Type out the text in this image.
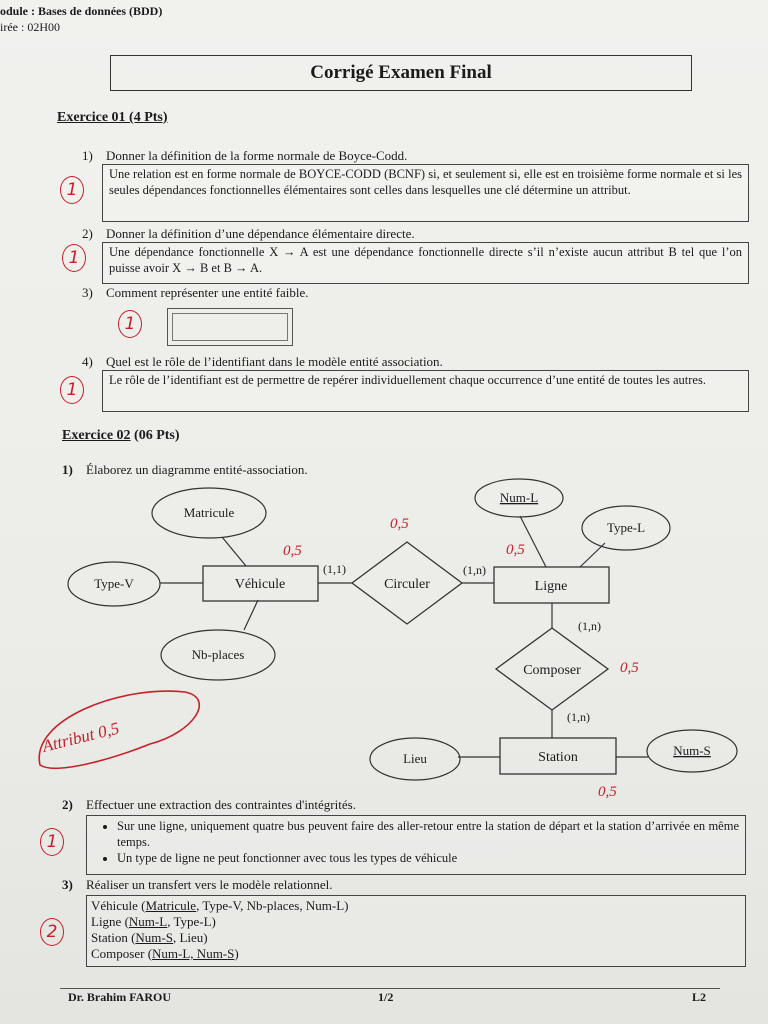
odule : Bases de données (BDD)
irée : 02H00
Corrigé Examen Final
Exercice 01 (4 Pts)
1) Donner la définition de la forme normale de Boyce-Codd.
Une relation est en forme normale de BOYCE-CODD (BCNF) si, et seulement si, elle est en troisième forme normale et si les seules dépendances fonctionnelles élémentaires sont celles dans lesquelles une clé détermine un attribut.
1
2) Donner la définition d’une dépendance élémentaire directe.
Une dépendance fonctionnelle X → A est une dépendance fonctionnelle directe s’il n’existe aucun attribut B tel que l’on puisse avoir X → B et B → A.
1
3) Comment représenter une entité faible.
1
4) Quel est le rôle de l’identifiant dans le modèle entité association.
Le rôle de l’identifiant est de permettre de repérer individuellement chaque occurrence d’une entité de toutes les autres.
1
Exercice 02 (06 Pts)
1) Élaborez un diagramme entité-association.
Matricule
Type-V
Nb-places
Num-L
Type-L
Lieu
Num-S
Véhicule	Ligne
Station
Circuler
Composer
(1,1)	(1,n)
(1,n)
(1,n)
0,5
0,5
0,5
0,5
0,5
Attribut 0,5
2) Effectuer une extraction des contraintes d'intégrités.
• Sur une ligne, uniquement quatre bus peuvent faire des aller-retour entre la station de départ et la station d’arrivée en même temps.
• Un type de ligne ne peut fonctionner avec tous les types de véhicule
1
3) Réaliser un transfert vers le modèle relationnel.
Véhicule (Matricule, Type-V, Nb-places, Num-L)
Ligne (Num-L, Type-L)
Station (Num-S, Lieu)
Composer (Num-L, Num-S)
2
Dr. Brahim FAROU	1/2	L2
